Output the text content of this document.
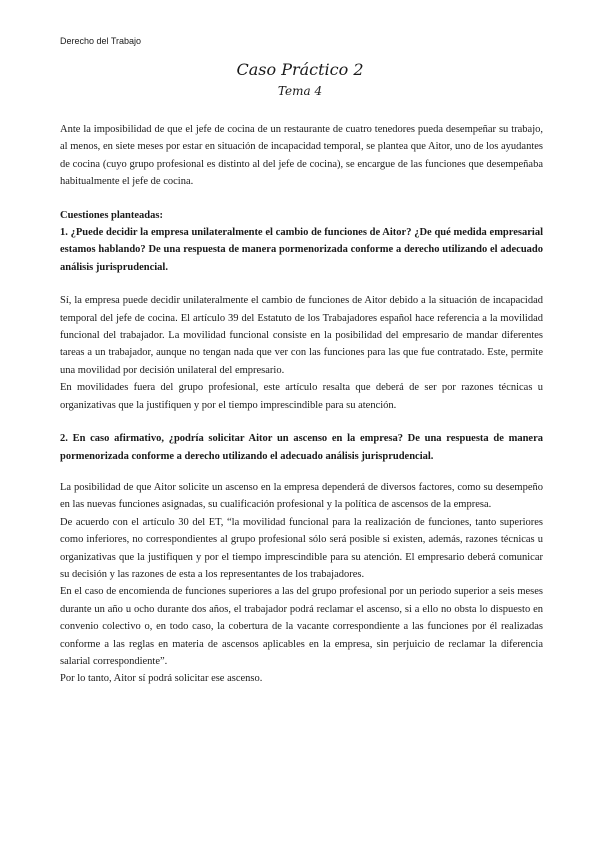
Derecho del Trabajo
Caso Práctico 2
Tema 4

Ante la imposibilidad de que el jefe de cocina de un restaurante de cuatro tenedores pueda desempeñar su trabajo, al menos, en siete meses por estar en situación de incapacidad temporal, se plantea que Aitor, uno de los ayudantes de cocina (cuyo grupo profesional es distinto al del jefe de cocina), se encargue de las funciones que desempeñaba habitualmente el jefe de cocina.

Cuestiones planteadas:

1. ¿Puede decidir la empresa unilateralmente el cambio de funciones de Aitor? ¿De qué medida empresarial estamos hablando? De una respuesta de manera pormenorizada conforme a derecho utilizando el adecuado análisis jurisprudencial.

Sí, la empresa puede decidir unilateralmente el cambio de funciones de Aitor debido a la situación de incapacidad temporal del jefe de cocina. El artículo 39 del Estatuto de los Trabajadores español hace referencia a la movilidad funcional del trabajador. La movilidad funcional consiste en la posibilidad del empresario de mandar diferentes tareas a un trabajador, aunque no tengan nada que ver con las funciones para las que fue contratado. Este, permite una movilidad por decisión unilateral del empresario.

En movilidades fuera del grupo profesional, este artículo resalta que deberá de ser por razones técnicas u organizativas que la justifiquen y por el tiempo imprescindible para su atención.

2. En caso afirmativo, ¿podría solicitar Aitor un ascenso en la empresa? De una respuesta de manera pormenorizada conforme a derecho utilizando el adecuado análisis jurisprudencial.

La posibilidad de que Aitor solicite un ascenso en la empresa dependerá de diversos factores, como su desempeño en las nuevas funciones asignadas, su cualificación profesional y la política de ascensos de la empresa.

De acuerdo con el artículo 30 del ET, “la movilidad funcional para la realización de funciones, tanto superiores como inferiores, no correspondientes al grupo profesional sólo será posible si existen, además, razones técnicas u organizativas que la justifiquen y por el tiempo imprescindible para su atención. El empresario deberá comunicar su decisión y las razones de esta a los representantes de los trabajadores.

En el caso de encomienda de funciones superiores a las del grupo profesional por un periodo superior a seis meses durante un año u ocho durante dos años, el trabajador podrá reclamar el ascenso, si a ello no obsta lo dispuesto en convenio colectivo o, en todo caso, la cobertura de la vacante correspondiente a las funciones por él realizadas conforme a las reglas en materia de ascensos aplicables en la empresa, sin perjuicio de reclamar la diferencia salarial correspondiente”.

Por lo tanto, Aitor sí podrá solicitar ese ascenso.
